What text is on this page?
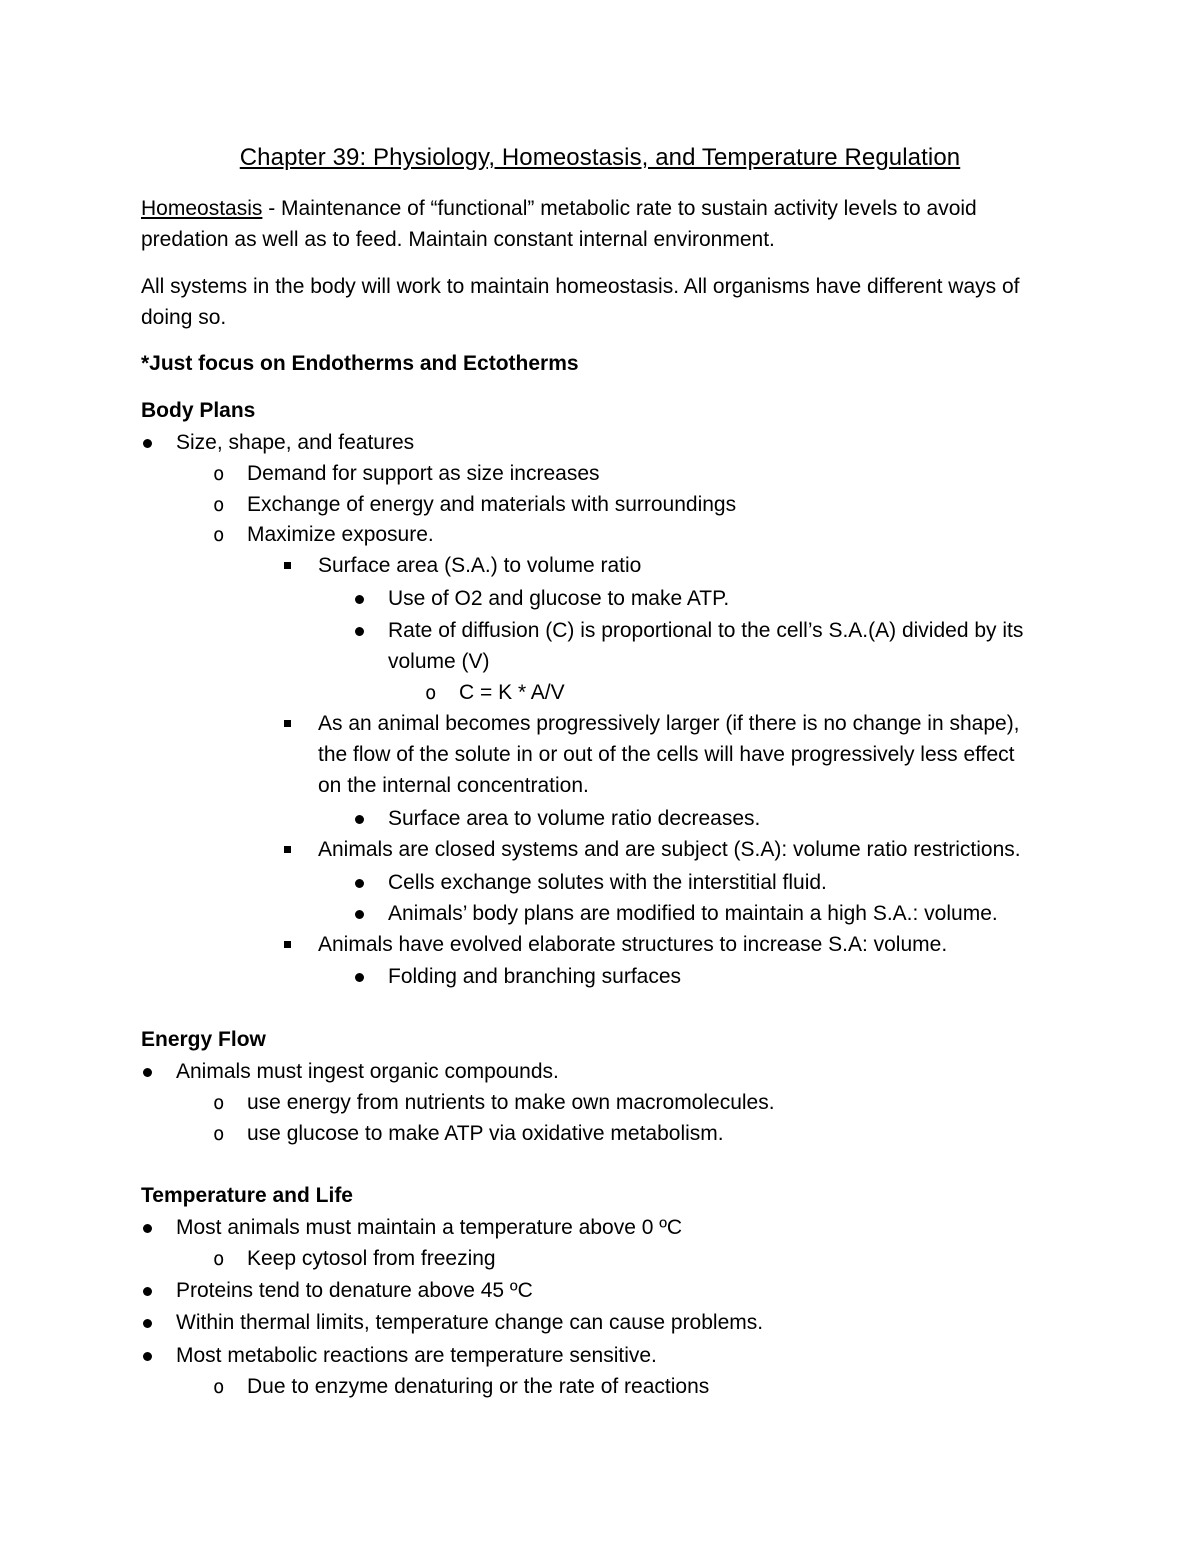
Chapter 39: Physiology, Homeostasis, and Temperature Regulation
Homeostasis - Maintenance of “functional” metabolic rate to sustain activity levels to avoid
predation as well as to feed. Maintain constant internal environment.
All systems in the body will work to maintain homeostasis. All organisms have different ways of
doing so.
*Just focus on Endotherms and Ectotherms
Body Plans
Size, shape, and features
o Demand for support as size increases
o Exchange of energy and materials with surroundings
o Maximize exposure.
Surface area (S.A.) to volume ratio
Use of O2 and glucose to make ATP.
Rate of diffusion (C) is proportional to the cell’s S.A.(A) divided by its
volume (V)
o C = K * A/V
As an animal becomes progressively larger (if there is no change in shape),
the flow of the solute in or out of the cells will have progressively less effect
on the internal concentration.
Surface area to volume ratio decreases.
Animals are closed systems and are subject (S.A): volume ratio restrictions.
Cells exchange solutes with the interstitial fluid.
Animals’ body plans are modified to maintain a high S.A.: volume.
Animals have evolved elaborate structures to increase S.A: volume.
Folding and branching surfaces
Energy Flow
Animals must ingest organic compounds.
o use energy from nutrients to make own macromolecules.
o use glucose to make ATP via oxidative metabolism.
Temperature and Life
Most animals must maintain a temperature above 0 ºC
o Keep cytosol from freezing
Proteins tend to denature above 45 ºC
Within thermal limits, temperature change can cause problems.
Most metabolic reactions are temperature sensitive.
o Due to enzyme denaturing or the rate of reactions
